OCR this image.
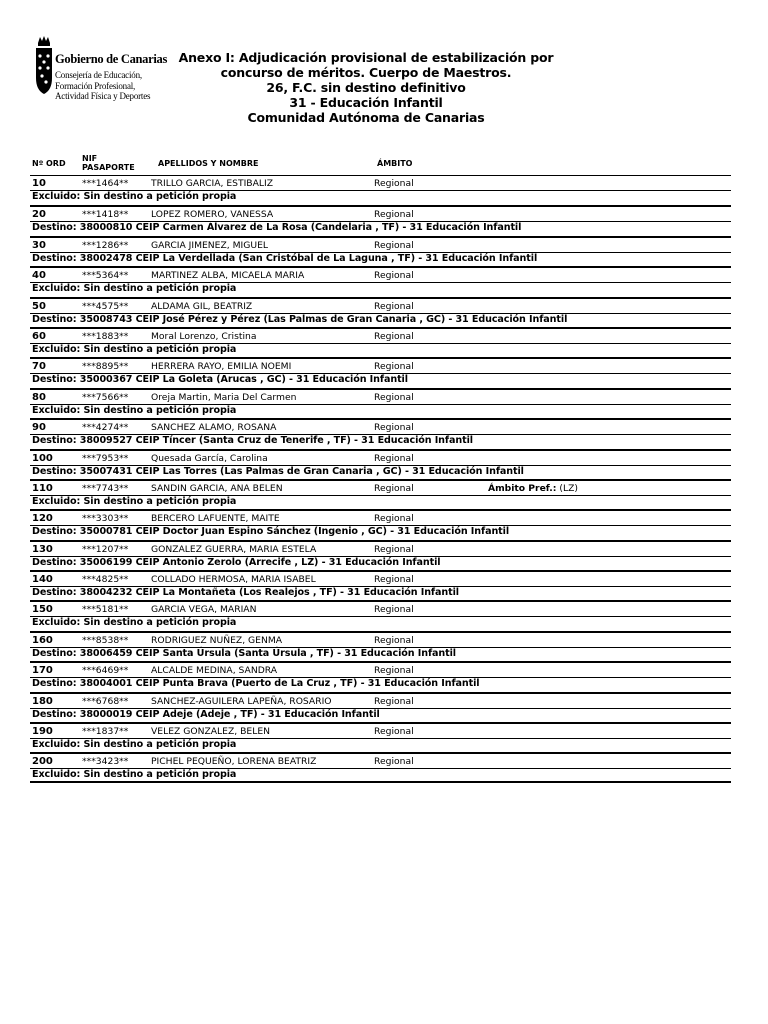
Gobierno de Canarias
Consejería de Educación,
Formación Profesional,
Actividad Física y Deportes
Anexo I: Adjudicación provisional de estabilización por
concurso de méritos. Cuerpo de Maestros.
26, F.C. sin destino definitivo
31 - Educación Infantil
Comunidad Autónoma de Canarias
Nº ORD
NIF
PASAPORTE	APELLIDOS Y NOMBRE	ÁMBITO
10	***1464** TRILLO GARCIA, ESTIBALIZ	Regional
Excluido: Sin destino a petición propia
20	***1418** LOPEZ ROMERO, VANESSA	Regional
Destino: 38000810 CEIP Carmen Álvarez de La Rosa (Candelaria , TF) - 31 Educación Infantil
30	***1286** GARCIA JIMENEZ, MIGUEL	Regional
Destino: 38002478 CEIP La Verdellada (San Cristóbal de La Laguna , TF) - 31 Educación Infantil
40	***5364** MARTINEZ ALBA, MICAELA MARIA	Regional
Excluido: Sin destino a petición propia
50	***4575** ALDAMA GIL, BEATRIZ	Regional
Destino: 35008743 CEIP José Pérez y Pérez (Las Palmas de Gran Canaria , GC) - 31 Educación Infantil
60	***1883** Moral Lorenzo, Cristina	Regional
Excluido: Sin destino a petición propia
70	***8895** HERRERA RAYO, EMILIA NOEMI	Regional
Destino: 35000367 CEIP La Goleta (Arucas , GC) - 31 Educación Infantil
80	***7566** Oreja Martin, Maria Del Carmen	Regional
Excluido: Sin destino a petición propia
90	***4274** SANCHEZ ALAMO, ROSANA	Regional
Destino: 38009527 CEIP Tíncer (Santa Cruz de Tenerife , TF) - 31 Educación Infantil
100	***7953** Quesada García, Carolina	Regional
Destino: 35007431 CEIP Las Torres (Las Palmas de Gran Canaria , GC) - 31 Educación Infantil
110	***7743** SANDIN GARCIA, ANA BELEN	Regional	Ámbito Pref.: (LZ)
Excluido: Sin destino a petición propia
120	***3303** BERCERO LAFUENTE, MAITE	Regional
Destino: 35000781 CEIP Doctor Juan Espino Sánchez (Ingenio , GC) - 31 Educación Infantil
130	***1207** GONZALEZ GUERRA, MARIA ESTELA	Regional
Destino: 35006199 CEIP Antonio Zerolo (Arrecife , LZ) - 31 Educación Infantil
140	***4825** COLLADO HERMOSA, MARIA ISABEL	Regional
Destino: 38004232 CEIP La Montañeta (Los Realejos , TF) - 31 Educación Infantil
150	***5181** GARCIA VEGA, MARIAN	Regional
Excluido: Sin destino a petición propia
160	***8538** RODRIGUEZ NUÑEZ, GENMA	Regional
Destino: 38006459 CEIP Santa Úrsula (Santa Úrsula , TF) - 31 Educación Infantil
170	***6469** ALCALDE MEDINA, SANDRA	Regional
Destino: 38004001 CEIP Punta Brava (Puerto de La Cruz , TF) - 31 Educación Infantil
180	***6768** SANCHEZ-AGUILERA LAPEÑA, ROSARIO	Regional
Destino: 38000019 CEIP Adeje (Adeje , TF) - 31 Educación Infantil
190	***1837** VELEZ GONZALEZ, BELEN	Regional
Excluido: Sin destino a petición propia
200	***3423** PICHEL PEQUEÑO, LORENA BEATRIZ	Regional
Excluido: Sin destino a petición propia
